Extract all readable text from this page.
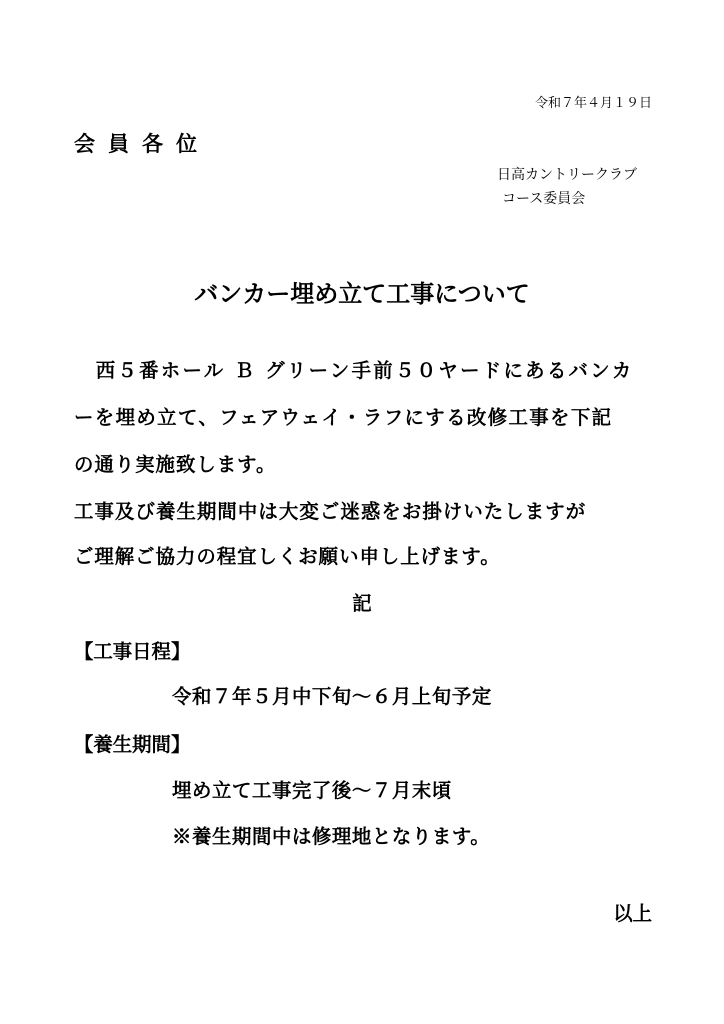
令和７年４月１９日
会員各位
日高カントリークラブ
コース委員会
バンカー埋め立て工事について
　西５番ホール Ｂ グリーン手前５０ヤードにあるバンカ
ーを埋め立て、フェアウェイ・ラフにする改修工事を下記
の通り実施致します。
工事及び養生期間中は大変ご迷惑をお掛けいたしますが
ご理解ご協力の程宜しくお願い申し上げます。
記
【工事日程】
令和７年５月中下旬～６月上旬予定
【養生期間】
埋め立て工事完了後～７月末頃
※養生期間中は修理地となります。
以上
